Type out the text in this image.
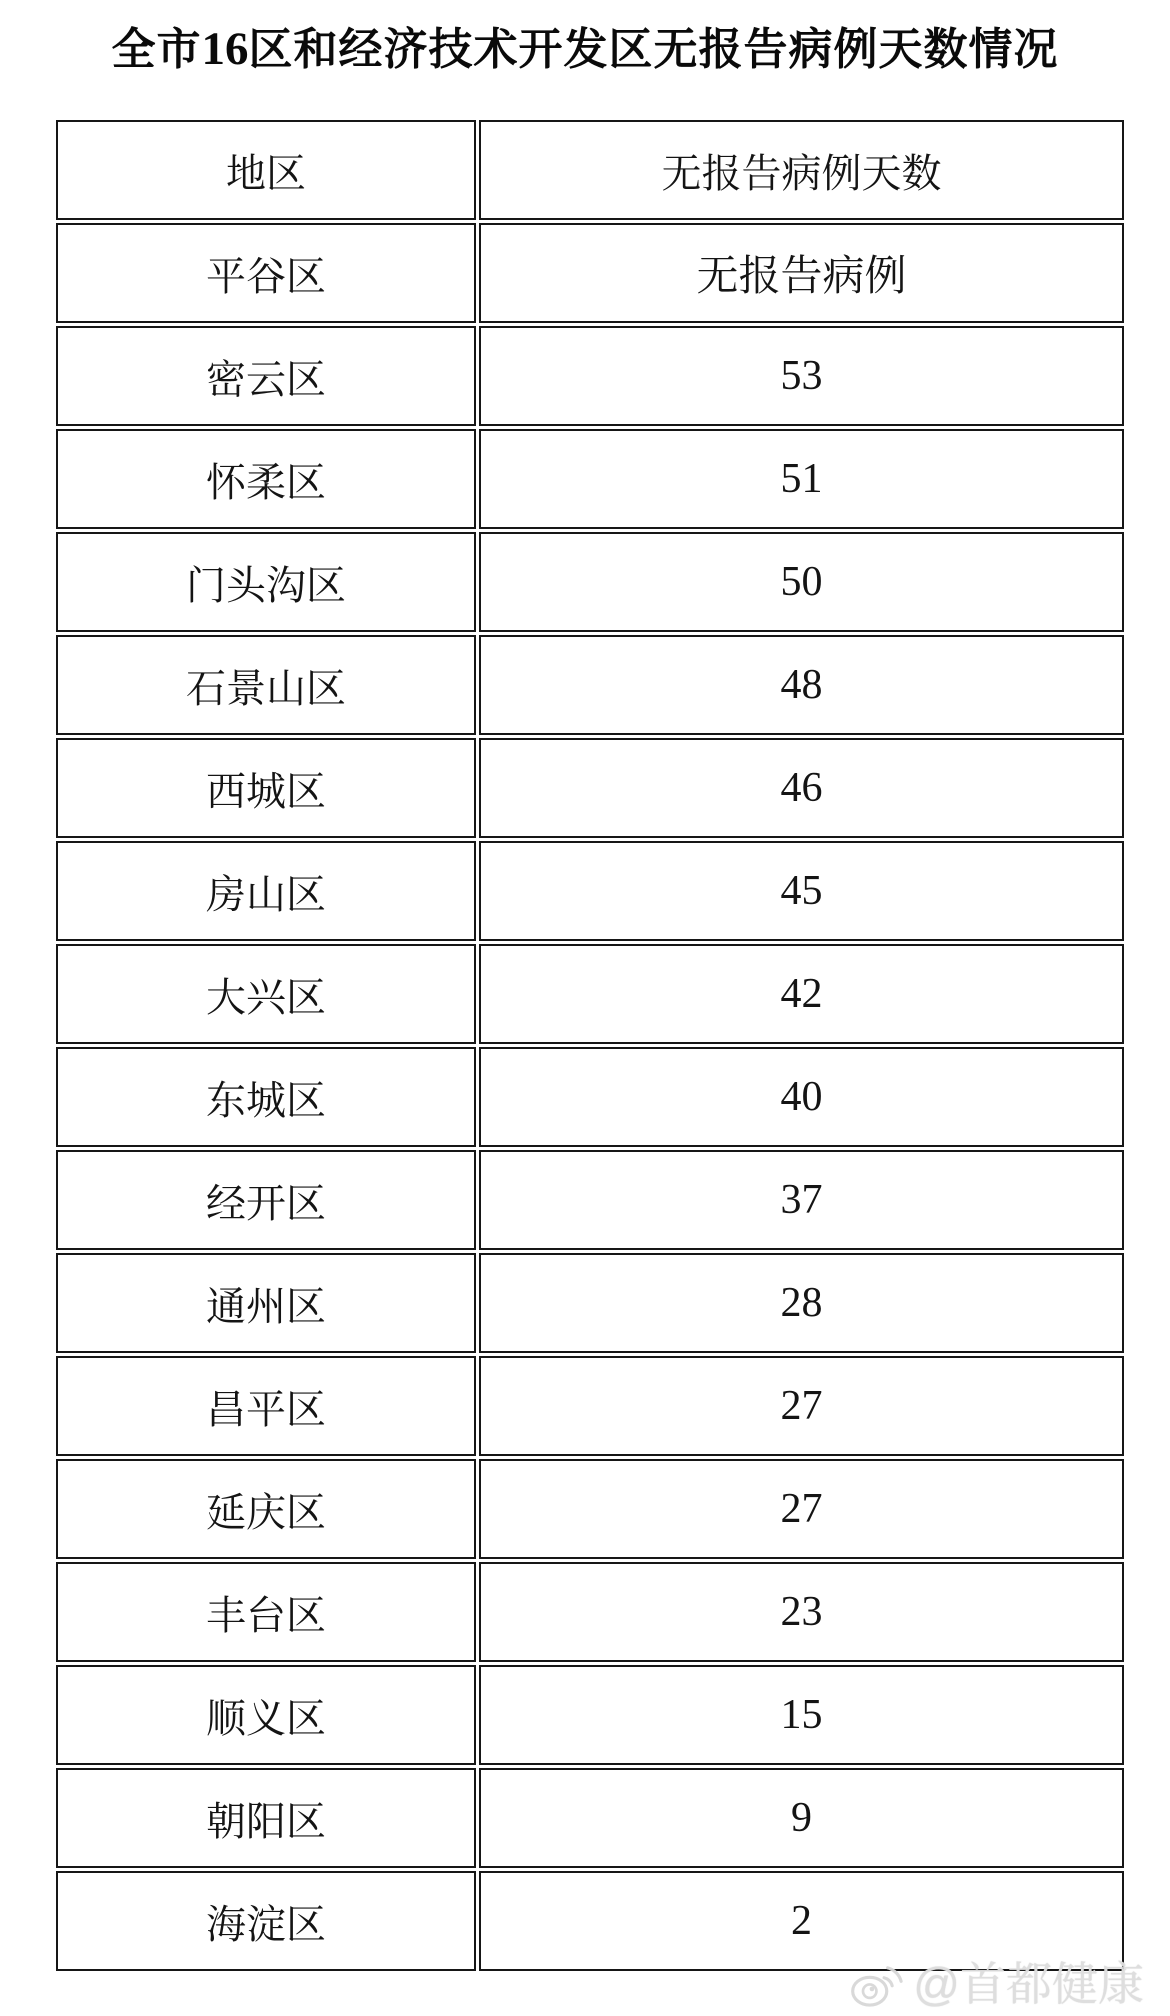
全市16区和经济技术开发区无报告病例天数情况
地区	无报告病例天数
平谷区	无报告病例
密云区	53
怀柔区	51
门头沟区	50
石景山区	48
西城区	46
房山区	45
大兴区	42
东城区	40
经开区	37
通州区	28
昌平区	27
延庆区	27
丰台区	23
顺义区	15
朝阳区	9
海淀区	2
@首都健康
